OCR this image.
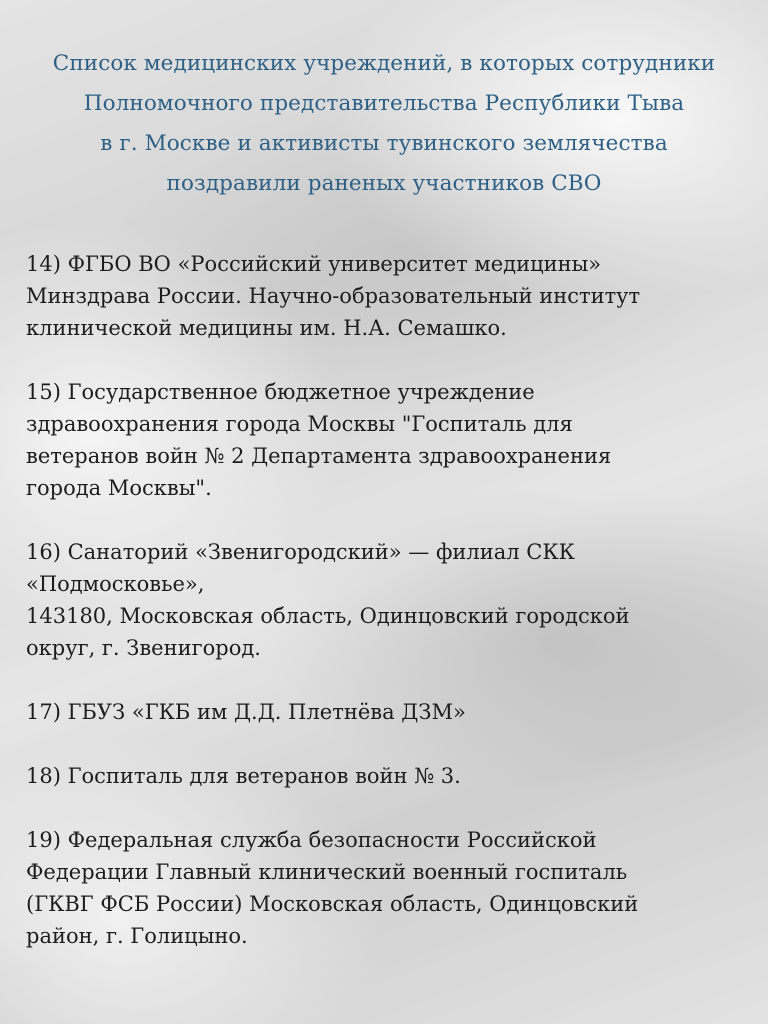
Список медицинских учреждений, в которых сотрудники
Полномочного представительства Республики Тыва
в г. Москве и активисты тувинского землячества
поздравили раненых участников СВО
14) ФГБО ВО «Российский университет медицины»
Минздрава России. Научно-образовательный институт
клинической медицины им. Н.А. Семашко.
15) Государственное бюджетное учреждение
здравоохранения города Москвы "Госпиталь для
ветеранов войн № 2 Департамента здравоохранения
города Москвы".
16) Санаторий «Звенигородский» — филиал СКК
«Подмосковье»,
143180, Московская область, Одинцовский городской
округ, г. Звенигород.
17) ГБУЗ «ГКБ им Д.Д. Плетнёва ДЗМ»
18) Госпиталь для ветеранов войн № 3.
19) Федеральная служба безопасности Российской
Федерации Главный клинический военный госпиталь
(ГКВГ ФСБ России) Московская область, Одинцовский
район, г. Голицыно.
